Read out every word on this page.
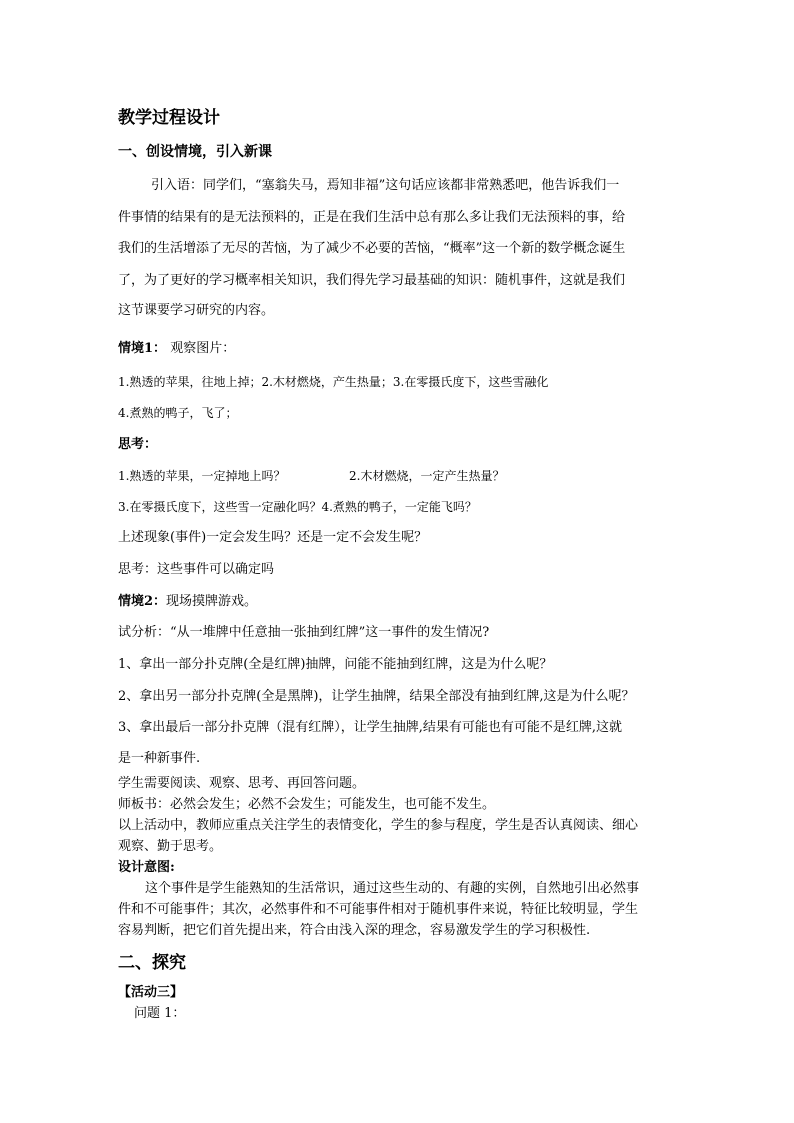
教学过程设计
一、创设情境，引入新课
引入语：同学们，“塞翁失马，焉知非福”这句话应该都非常熟悉吧，他告诉我们一
件事情的结果有的是无法预料的，正是在我们生活中总有那么多让我们无法预料的事，给
我们的生活增添了无尽的苦恼，为了减少不必要的苦恼，“概率”这一个新的数学概念诞生
了，为了更好的学习概率相关知识，我们得先学习最基础的知识：随机事件，这就是我们
这节课要学习研究的内容。
情境1： 观察图片：
1.熟透的苹果，往地上掉；2.木材燃烧，产生热量；3.在零摄氏度下，这些雪融化
4.煮熟的鸭子，飞了；
思考：
1.熟透的苹果，一定掉地上吗？	2.木材燃烧，一定产生热量？
3.在零摄氏度下，这些雪一定融化吗？4.煮熟的鸭子，一定能飞吗？
上述现象(事件)一定会发生吗？还是一定不会发生呢？
思考：这些事件可以确定吗
情境2：现场摸牌游戏。
试分析：“从一堆牌中任意抽一张抽到红牌”这一事件的发生情况?
1、拿出一部分扑克牌(全是红牌)抽牌，问能不能抽到红牌，这是为什么呢？
2、拿出另一部分扑克牌(全是黑牌)，让学生抽牌，结果全部没有抽到红牌,这是为什么呢？
3、拿出最后一部分扑克牌（混有红牌），让学生抽牌,结果有可能也有可能不是红牌,这就
是一种新事件.
学生需要阅读、观察、思考、再回答问题。
师板书：必然会发生；必然不会发生；可能发生，也可能不发生。
以上活动中，教师应重点关注学生的表情变化，学生的参与程度，学生是否认真阅读、细心
观察、勤于思考。
设计意图:
这个事件是学生能熟知的生活常识，通过这些生动的、有趣的实例，自然地引出必然事
件和不可能事件；其次，必然事件和不可能事件相对于随机事件来说，特征比较明显，学生
容易判断，把它们首先提出来，符合由浅入深的理念，容易激发学生的学习积极性.
二、探究
【活动三】
问题 1：
